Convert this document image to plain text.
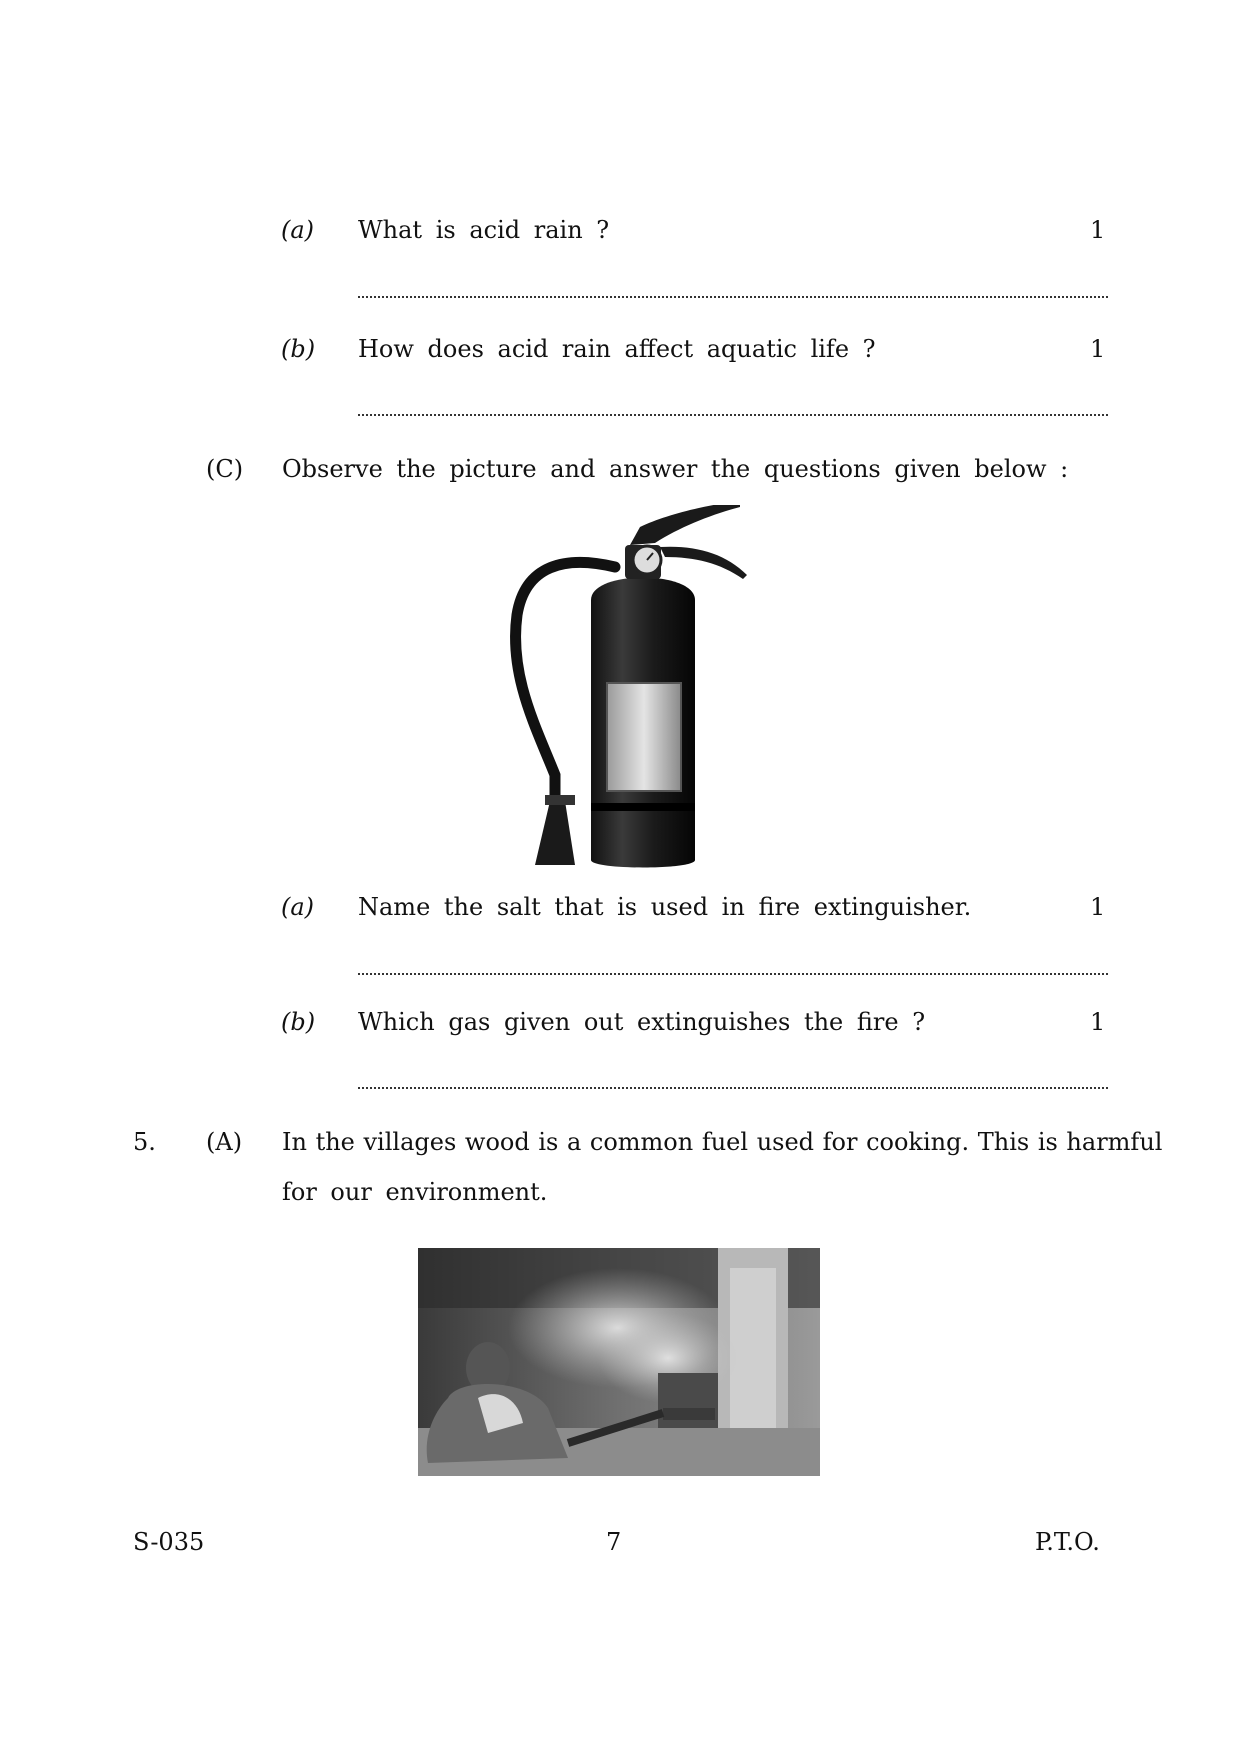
(a) What is acid rain ?	1
(b) How does acid rain affect aquatic life ?	1
(C) Observe the picture and answer the questions given below :
(a) Name the salt that is used in fire extinguisher.	1
(b) Which gas given out extinguishes the fire ?	1
5. (A) In the villages wood is a common fuel used for cooking. This is harmful
for our environment.
S-035	7	P.T.O.
